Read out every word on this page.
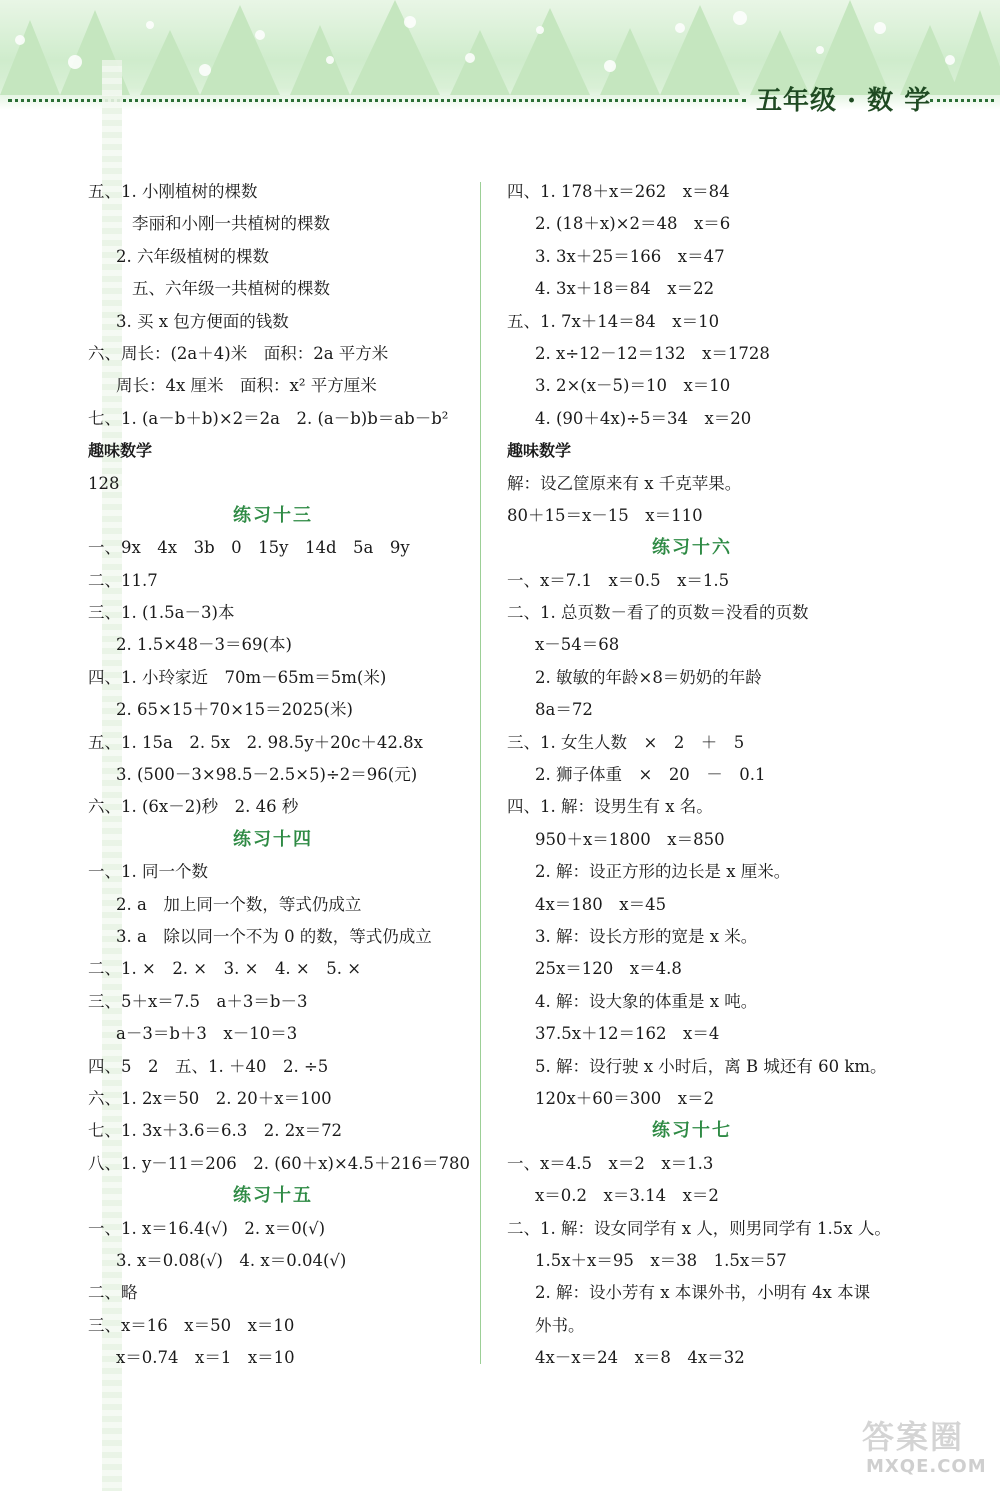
五年级 · 数 学
五、1. 小刚植树的棵数
李丽和小刚一共植树的棵数
2. 六年级植树的棵数
五、六年级一共植树的棵数
3. 买 x 包方便面的钱数
六、周长：(2a＋4)米　面积：2a 平方米
周长：4x 厘米　面积：x² 平方厘米
七、1. (a－b＋b)×2＝2a　2. (a－b)b＝ab－b²
趣味数学
128
练习十三
一、9x　4x　3b　0　15y　14d　5a　9y
二、11.7
三、1. (1.5a－3)本
2. 1.5×48－3＝69(本)
四、1. 小玲家近　70m－65m＝5m(米)
2. 65×15＋70×15＝2025(米)
五、1. 15a　2. 5x　2. 98.5y＋20c＋42.8x
3. (500－3×98.5－2.5×5)÷2＝96(元)
六、1. (6x－2)秒　2. 46 秒
练习十四
一、1. 同一个数
2. a　加上同一个数，等式仍成立
3. a　除以同一个不为 0 的数，等式仍成立
二、1. ×　2. ×　3. ×　4. ×　5. ×
三、5＋x＝7.5　a＋3＝b－3
a－3＝b＋3　x－10＝3
四、5　2　五、1. ＋40　2. ÷5
六、1. 2x＝50　2. 20＋x＝100
七、1. 3x＋3.6＝6.3　2. 2x＝72
八、1. y－11＝206　2. (60＋x)×4.5＋216＝780
练习十五
一、1. x＝16.4(√)　2. x＝0(√)
3. x＝0.08(√)　4. x＝0.04(√)
二、略
三、x＝16　x＝50　x＝10
x＝0.74　x＝1　x＝10
四、1. 178＋x＝262　x＝84
2. (18＋x)×2＝48　x＝6
3. 3x＋25＝166　x＝47
4. 3x＋18＝84　x＝22
五、1. 7x＋14＝84　x＝10
2. x÷12－12＝132　x＝1728
3. 2×(x－5)＝10　x＝10
4. (90＋4x)÷5＝34　x＝20
趣味数学
解：设乙筐原来有 x 千克苹果。
80＋15＝x－15　x＝110
练习十六
一、x＝7.1　x＝0.5　x＝1.5
二、1. 总页数－看了的页数＝没看的页数
x－54＝68
2. 敏敏的年龄×8＝奶奶的年龄
8a＝72
三、1. 女生人数　×　2　＋　5
2. 狮子体重　×　20　－　0.1
四、1. 解：设男生有 x 名。
950＋x＝1800　x＝850
2. 解：设正方形的边长是 x 厘米。
4x＝180　x＝45
3. 解：设长方形的宽是 x 米。
25x＝120　x＝4.8
4. 解：设大象的体重是 x 吨。
37.5x＋12＝162　x＝4
5. 解：设行驶 x 小时后，离 B 城还有 60 km。
120x＋60＝300　x＝2
练习十七
一、x＝4.5　x＝2　x＝1.3
x＝0.2　x＝3.14　x＝2
二、1. 解：设女同学有 x 人，则男同学有 1.5x 人。
1.5x＋x＝95　x＝38　1.5x＝57
2. 解：设小芳有 x 本课外书，小明有 4x 本课
外书。
4x－x＝24　x＝8　4x＝32
答案圈
MXQE.COM
